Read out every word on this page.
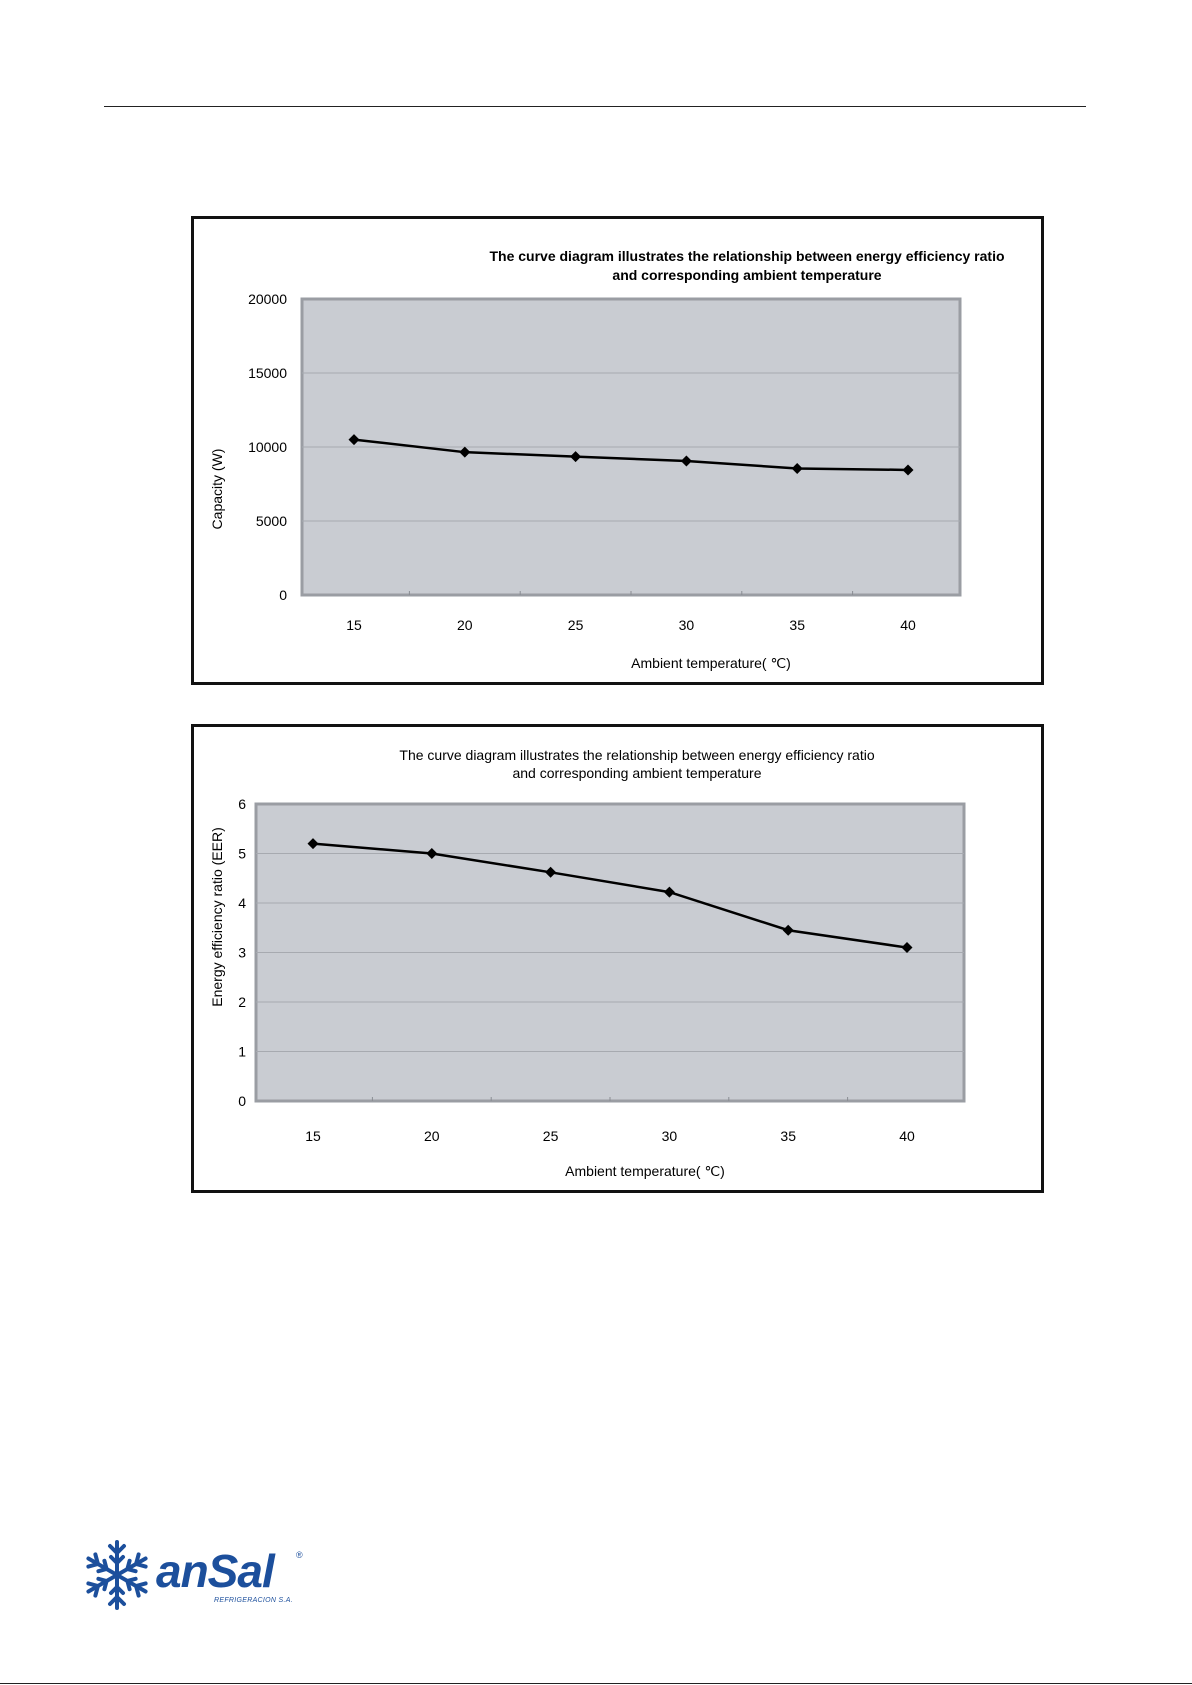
The curve diagram illustrates the relationship between energy efficiency ratio
and corresponding ambient temperature
Ambient temperature( ℃)
Capacity (W)
0
5000
10000
15000
20000
15	20	25	30	35	40
The curve diagram illustrates the relationship between energy efficiency ratio
and corresponding ambient temperature
Ambient temperature( ℃)
Energy efficiency ratio (EER)
0
1
2
3
4
5
6
15	20	25	30	35	40
anSal ®
REFRIGERACION S.A.
